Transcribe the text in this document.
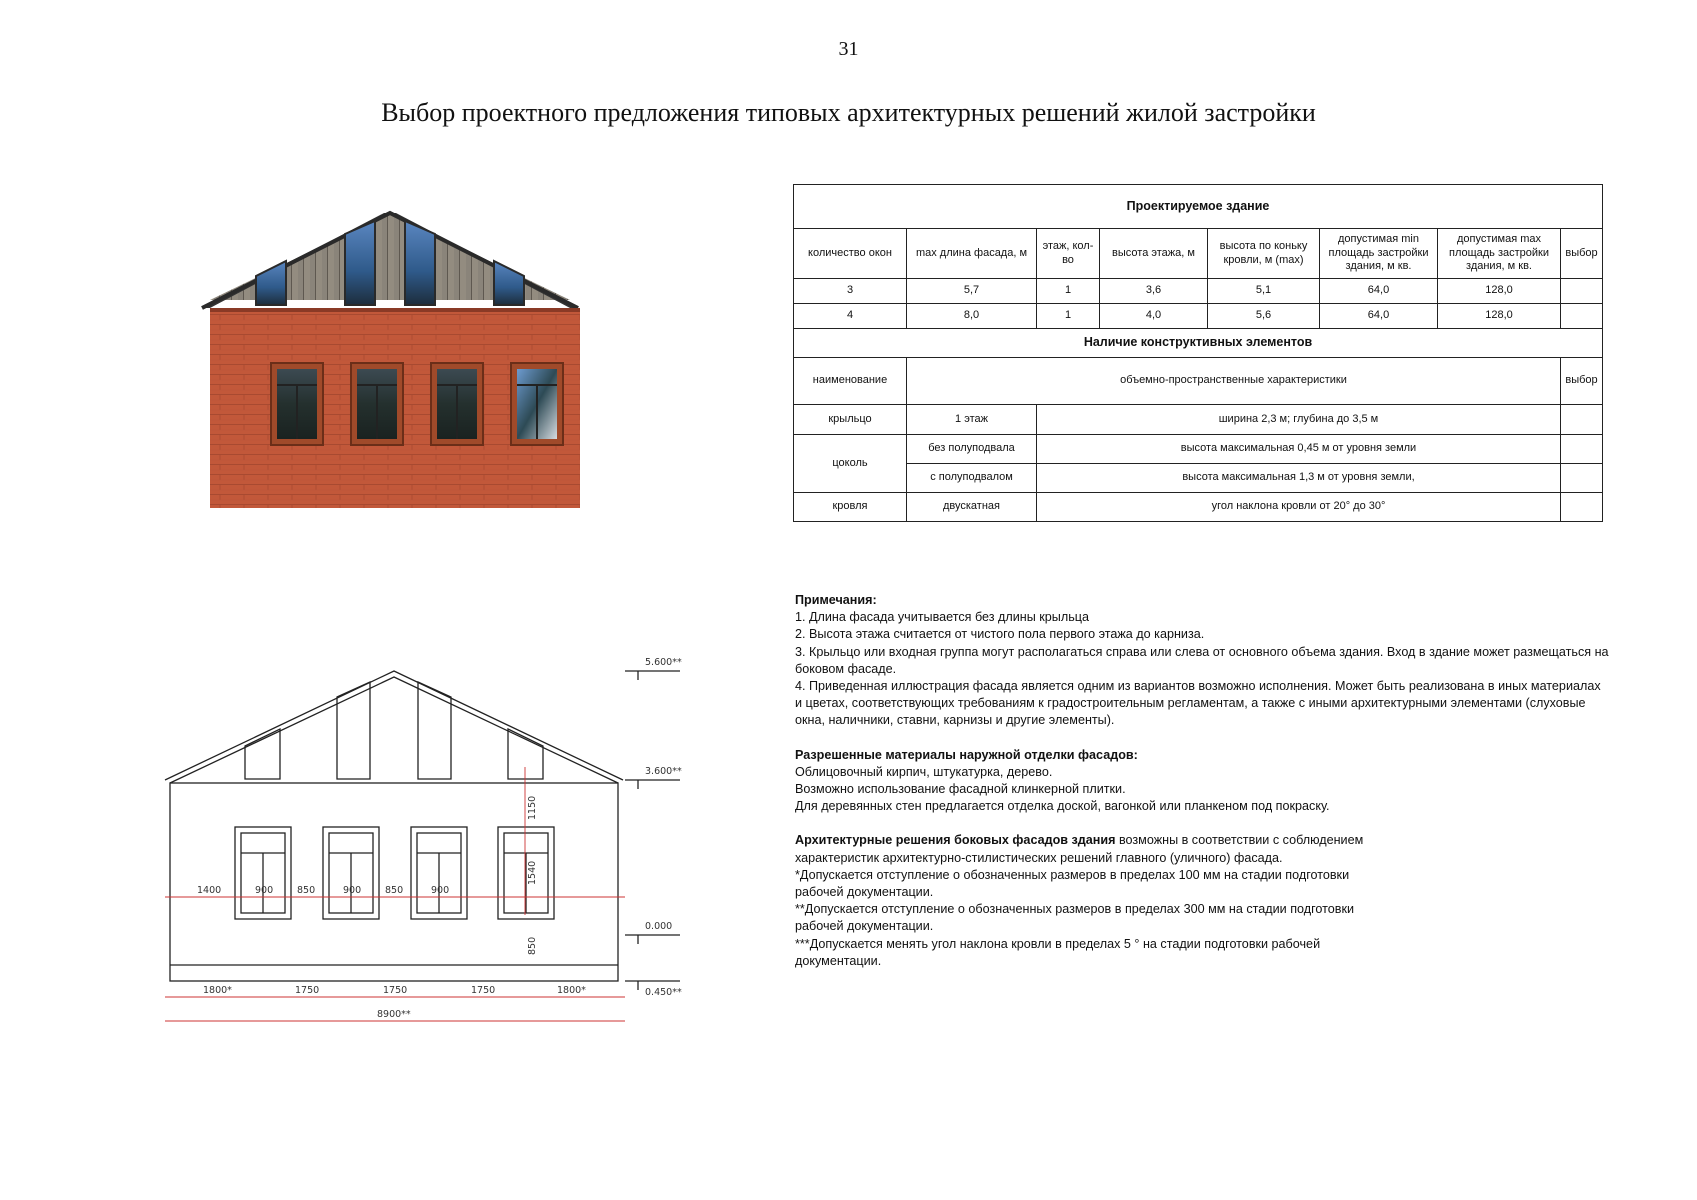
31
Выбор проектного предложения типовых архитектурных решений жилой застройки
5.600**
3.600**
0.000
0.450**
1150
1540
850
1400	900	850	900	850	900
1800*	1750	1750	1750	1800*
8900**
Проектируемое здание							
количество окон	max длина фасада, м	этаж, кол-во	высота этажа, м	высота по коньку кровли, м (max)	допустимая min площадь застройки здания, м кв.	допустимая max площадь застройки здания, м кв.	выбор
3	5,7	1	3,6	5,1	64,0	128,0	
4	8,0	1	4,0	5,6	64,0	128,0	
Наличие конструктивных элементов							
наименование	объемно-пространственные характеристики						выбор
крыльцо	1 этаж	ширина 2,3 м; глубина до 3,5 м					
цоколь	без полуподвала	высота максимальная 0,45 м от уровня земли					
	с полуподвалом	высота максимальная 1,3 м от уровня земли,					
кровля	двускатная	угол наклона кровли от 20° до 30°					

Примечания:

1. Длина фасада учитывается без длины крыльца

2. Высота этажа считается от чистого пола первого этажа до карниза.

3. Крыльцо или входная группа могут располагаться справа или слева от основного объема здания. Вход в здание может размещаться на боковом фасаде.

4. Приведенная иллюстрация фасада является одним из вариантов возможно исполнения. Может быть реализована в иных материалах и цветах, соответствующих требованиям к градостроительным регламентам, а также с иными архитектурными элементами (слуховые окна, наличники, ставни, карнизы и другие элементы).

Разрешенные материалы наружной отделки фасадов:

Облицовочный кирпич, штукатурка, дерево.

Возможно использование фасадной клинкерной плитки.

Для деревянных стен предлагается отделка доской, вагонкой или планкеном под покраску.

Архитектурные решения боковых фасадов здания возможны в соответствии с соблюдением характеристик архитектурно-стилистических решений главного (уличного) фасада.

*Допускается отступление о обозначенных размеров в пределах 100 мм на стадии подготовки рабочей документации.

**Допускается отступление о обозначенных размеров в пределах 300 мм на стадии подготовки рабочей документации.

***Допускается менять угол наклона кровли в пределах 5 ° на стадии подготовки рабочей документации.
